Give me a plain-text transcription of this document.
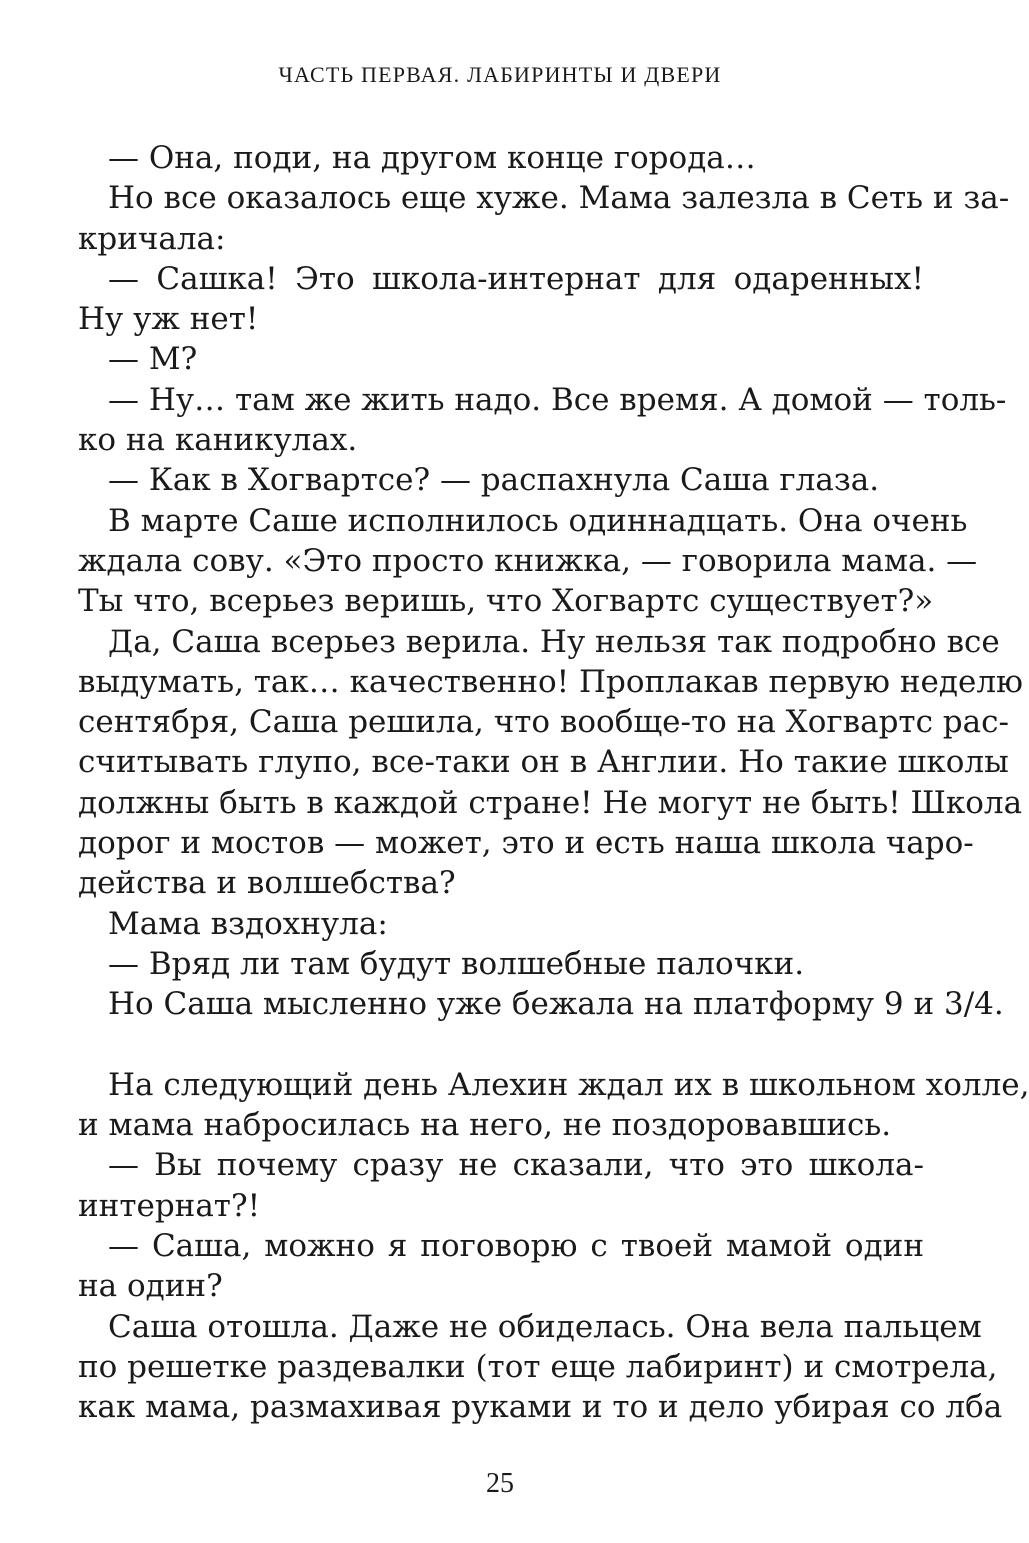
ЧАСТЬ ПЕРВАЯ. ЛАБИРИНТЫ И ДВЕРИ
— Она, поди, на другом конце города…
Но все оказалось еще хуже. Мама залезла в Сеть и за-
кричала:
— Сашка! Это школа-интернат для одаренных!
Ну уж нет!
— М?
— Ну… там же жить надо. Все время. А домой — толь-
ко на каникулах.
— Как в Хогвартсе? — распахнула Саша глаза.
В марте Саше исполнилось одиннадцать. Она очень
ждала сову. «Это просто книжка, — говорила мама. —
Ты что, всерьез веришь, что Хогвартс существует?»
Да, Саша всерьез верила. Ну нельзя так подробно все
выдумать, так… качественно! Проплакав первую неделю
сентября, Саша решила, что вообще-то на Хогвартс рас-
считывать глупо, все-таки он в Англии. Но такие школы
должны быть в каждой стране! Не могут не быть! Школа
дорог и мостов — может, это и есть наша школа чаро-
действа и волшебства?
Мама вздохнула:
— Вряд ли там будут волшебные палочки.
Но Саша мысленно уже бежала на платформу 9 и 3/4.
На следующий день Алехин ждал их в школьном холле,
и мама набросилась на него, не поздоровавшись.
— Вы почему сразу не сказали, что это школа-
интернат?!
— Саша, можно я поговорю с твоей мамой один
на один?
Саша отошла. Даже не обиделась. Она вела пальцем
по решетке раздевалки (тот еще лабиринт) и смотрела,
как мама, размахивая руками и то и дело убирая со лба
25
